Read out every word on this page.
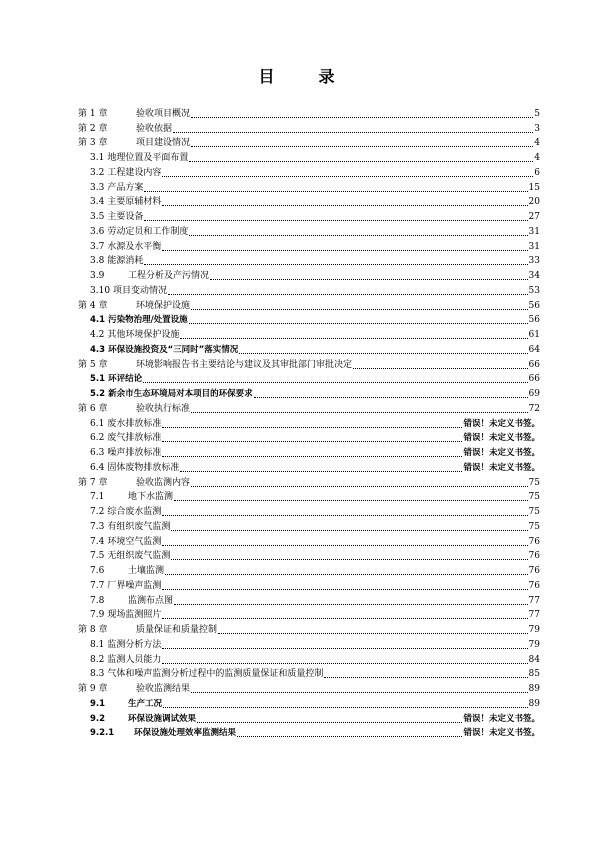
目	录
第 1 章	验收项目概况	5
第 2 章	验收依据	3
第 3 章	项目建设情况	4
3.1 地理位置及平面布置	4
3.2 工程建设内容	6
3.3 产品方案	15
3.4 主要原辅材料	20
3.5 主要设备	27
3.6 劳动定员和工作制度	31
3.7 水源及水平衡	31
3.8 能源消耗	33
3.9	工程分析及产污情况	34
3.10 项目变动情况	53
第 4 章	环境保护设施	56
4.1 污染物治理/处置设施	56
4.2 其他环境保护设施	61
4.3 环保设施投资及“三同时”落实情况	64
第 5 章	环境影响报告书主要结论与建议及其审批部门审批决定	66
5.1 环评结论	66
5.2 新余市生态环境局对本项目的环保要求	69
第 6 章	验收执行标准	72
6.1 废水排放标准	错误！未定义书签。
6.2 废气排放标准	错误！未定义书签。
6.3 噪声排放标准	错误！未定义书签。
6.4 固体废物排放标准	错误！未定义书签。
第 7 章	验收监测内容	75
7.1	地下水监测	75
7.2 综合废水监测	75
7.3 有组织废气监测	75
7.4 环境空气监测	76
7.5 无组织废气监测	76
7.6	土壤监测	76
7.7 厂界噪声监测	76
7.8	监测布点图	77
7.9 现场监测照片	77
第 8 章	质量保证和质量控制	79
8.1 监测分析方法	79
8.2 监测人员能力	84
8.3 气体和噪声监测分析过程中的监测质量保证和质量控制	85
第 9 章	验收监测结果	89
9.1	生产工况	89
9.2	环保设施调试效果	错误！未定义书签。
9.2.1	环保设施处理效率监测结果	错误！未定义书签。
